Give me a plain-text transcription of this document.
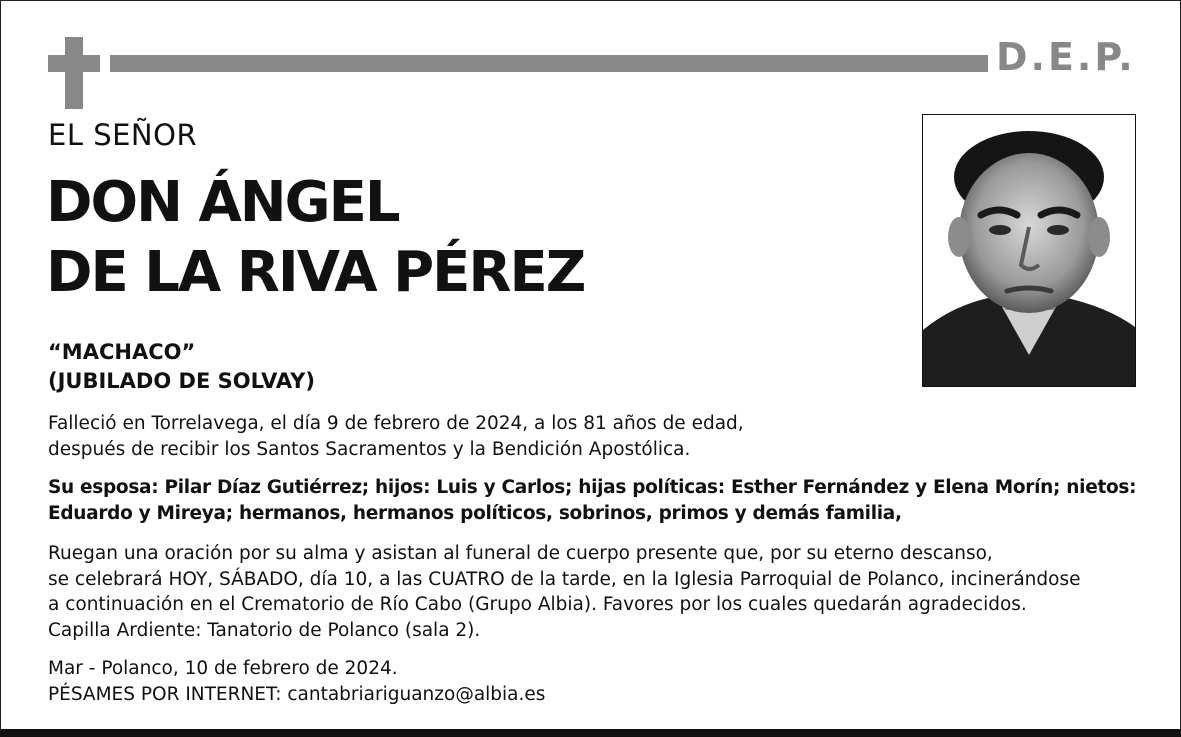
D.E.P.
EL SEÑOR
DON ÁNGEL
DE LA RIVA PÉREZ
“MACHACO”
(JUBILADO DE SOLVAY)
Falleció en Torrelavega, el día 9 de febrero de 2024, a los 81 años de edad,
después de recibir los Santos Sacramentos y la Bendición Apostólica.
Su esposa: Pilar Díaz Gutiérrez; hijos: Luis y Carlos; hijas políticas: Esther Fernández y Elena Morín; nietos:
Eduardo y Mireya; hermanos, hermanos políticos, sobrinos, primos y demás familia,
Ruegan una oración por su alma y asistan al funeral de cuerpo presente que, por su eterno descanso,
se celebrará HOY, SÁBADO, día 10, a las CUATRO de la tarde, en la Iglesia Parroquial de Polanco, incinerándose
a continuación en el Crematorio de Río Cabo (Grupo Albia). Favores por los cuales quedarán agradecidos.
Capilla Ardiente: Tanatorio de Polanco (sala 2).
Mar - Polanco, 10 de febrero de 2024.
PÉSAMES POR INTERNET: cantabriariguanzo@albia.es
